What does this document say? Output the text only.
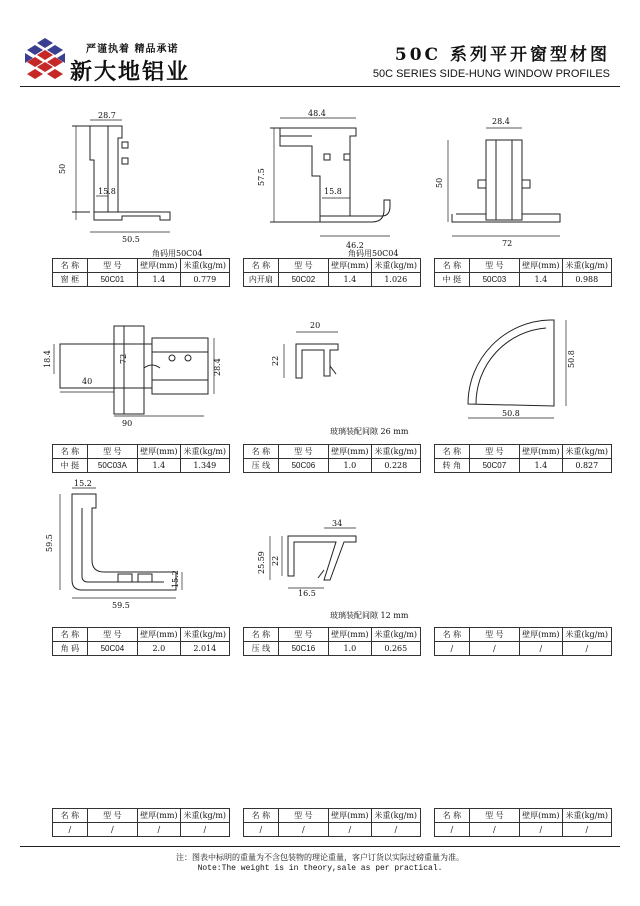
严谨执着 精品承诺
新大地铝业
50C 系列平开窗型材图
50C SERIES SIDE-HUNG WINDOW PROFILES
28.7
50
15.8
50.5
角码用50C04
48.4
57.5
15.8
46.2
角码用50C04
28.4
50
72
名 称	型 号	壁厚(mm)	米重(kg/m)
窗 框	50C01	1.4	0.779
名 称	型 号	壁厚(mm)	米重(kg/m)
内开扇	50C02	1.4	1.026
名 称	型 号	壁厚(mm)	米重(kg/m)
中 挺	50C03	1.4	0.988
18.4	72	28.4
40
90
20
22
玻璃装配间隙 26 mm
50.8
50.8
名 称	型 号	壁厚(mm)	米重(kg/m)
中 挺	50C03A	1.4	1.349
名 称	型 号	壁厚(mm)	米重(kg/m)
压 线	50C06	1.0	0.228
名 称	型 号	壁厚(mm)	米重(kg/m)
转 角	50C07	1.4	0.827
15.2
59.5
15.2
59.5
34
25.59 22
16.5
玻璃装配间隙 12 mm
名 称	型 号	壁厚(mm)	米重(kg/m)
角 码	50C04	2.0	2.014
名 称	型 号	壁厚(mm)	米重(kg/m)
压 线	50C16	1.0	0.265
名 称	型 号	壁厚(mm)	米重(kg/m)
/	/	/	/
名 称	型 号	壁厚(mm)	米重(kg/m)
/	/	/	/
名 称	型 号	壁厚(mm)	米重(kg/m)
/	/	/	/
名 称	型 号	壁厚(mm)	米重(kg/m)
/	/	/	/
注：图表中标明的重量为不含包装物的理论重量，客户订货以实际过磅重量为准。
Note:The weight is in theory,sale as per practical.
